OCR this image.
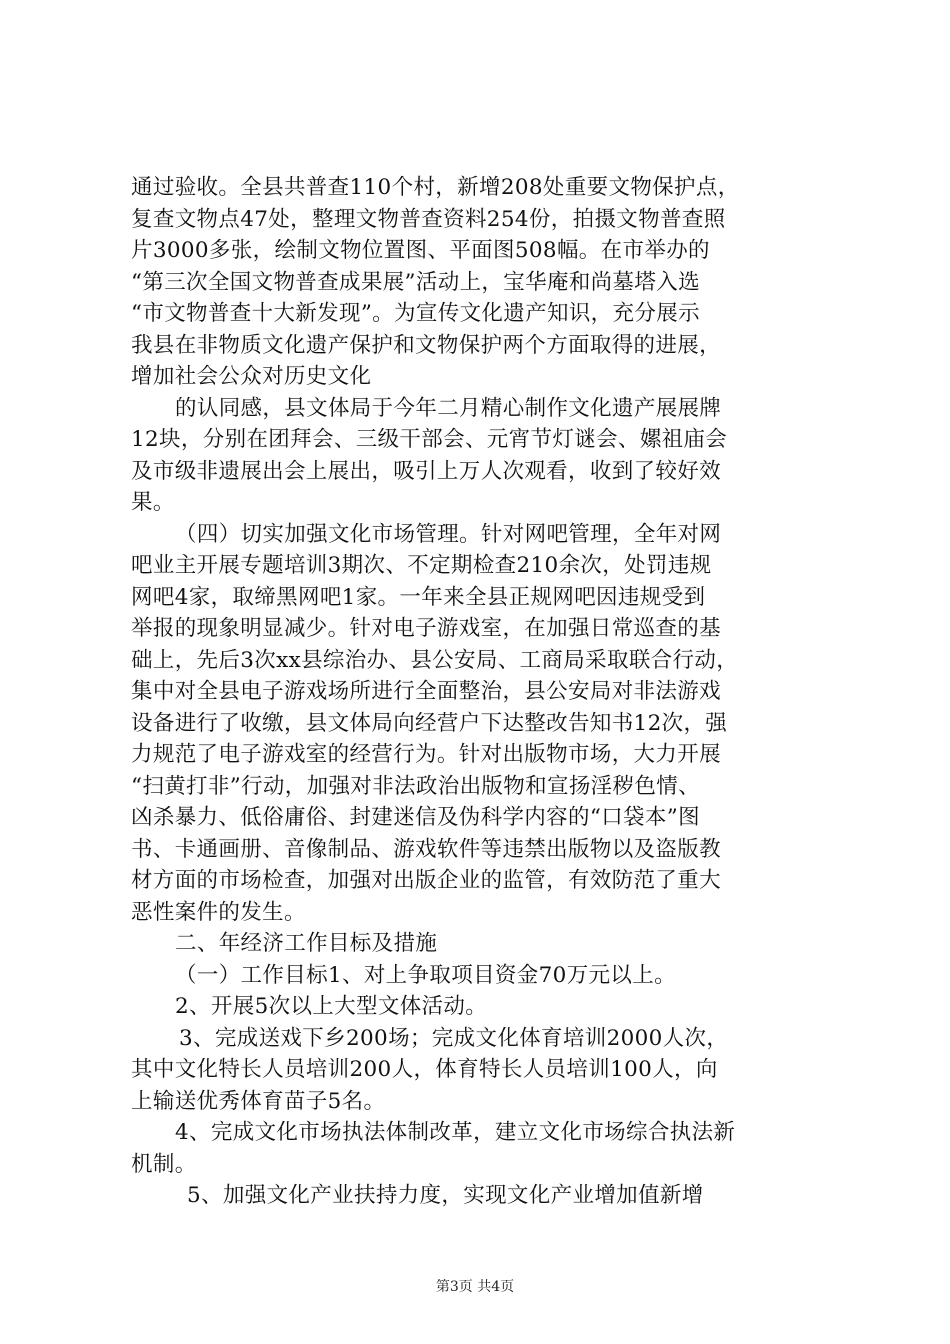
通过验收。全县共普查110个村，新增208处重要文物保护点，
复查文物点47处，整理文物普查资料254份，拍摄文物普查照
片3000多张，绘制文物位置图、平面图508幅。在市举办的
“第三次全国文物普查成果展”活动上，宝华庵和尚墓塔入选
“市文物普查十大新发现”。为宣传文化遗产知识，充分展示
我县在非物质文化遗产保护和文物保护两个方面取得的进展，
增加社会公众对历史文化
的认同感，县文体局于今年二月精心制作文化遗产展展牌
12块，分别在团拜会、三级干部会、元宵节灯谜会、嫘祖庙会
及市级非遗展出会上展出，吸引上万人次观看，收到了较好效
果。
（四）切实加强文化市场管理。针对网吧管理，全年对网
吧业主开展专题培训3期次、不定期检查210余次，处罚违规
网吧4家，取缔黑网吧1家。一年来全县正规网吧因违规受到
举报的现象明显减少。针对电子游戏室，在加强日常巡查的基
础上，先后3次xx县综治办、县公安局、工商局采取联合行动，
集中对全县电子游戏场所进行全面整治，县公安局对非法游戏
设备进行了收缴，县文体局向经营户下达整改告知书12次，强
力规范了电子游戏室的经营行为。针对出版物市场，大力开展
“扫黄打非”行动，加强对非法政治出版物和宣扬淫秽色情、
凶杀暴力、低俗庸俗、封建迷信及伪科学内容的“口袋本”图
书、卡通画册、音像制品、游戏软件等违禁出版物以及盗版教
材方面的市场检查，加强对出版企业的监管，有效防范了重大
恶性案件的发生。
二、年经济工作目标及措施
（一）工作目标1、对上争取项目资金70万元以上。
2、开展5次以上大型文体活动。
3、完成送戏下乡200场；完成文化体育培训2000人次，
其中文化特长人员培训200人，体育特长人员培训100人，向
上输送优秀体育苗子5名。
4、完成文化市场执法体制改革，建立文化市场综合执法新
机制。
5、加强文化产业扶持力度，实现文化产业增加值新增
第3页 共4页
